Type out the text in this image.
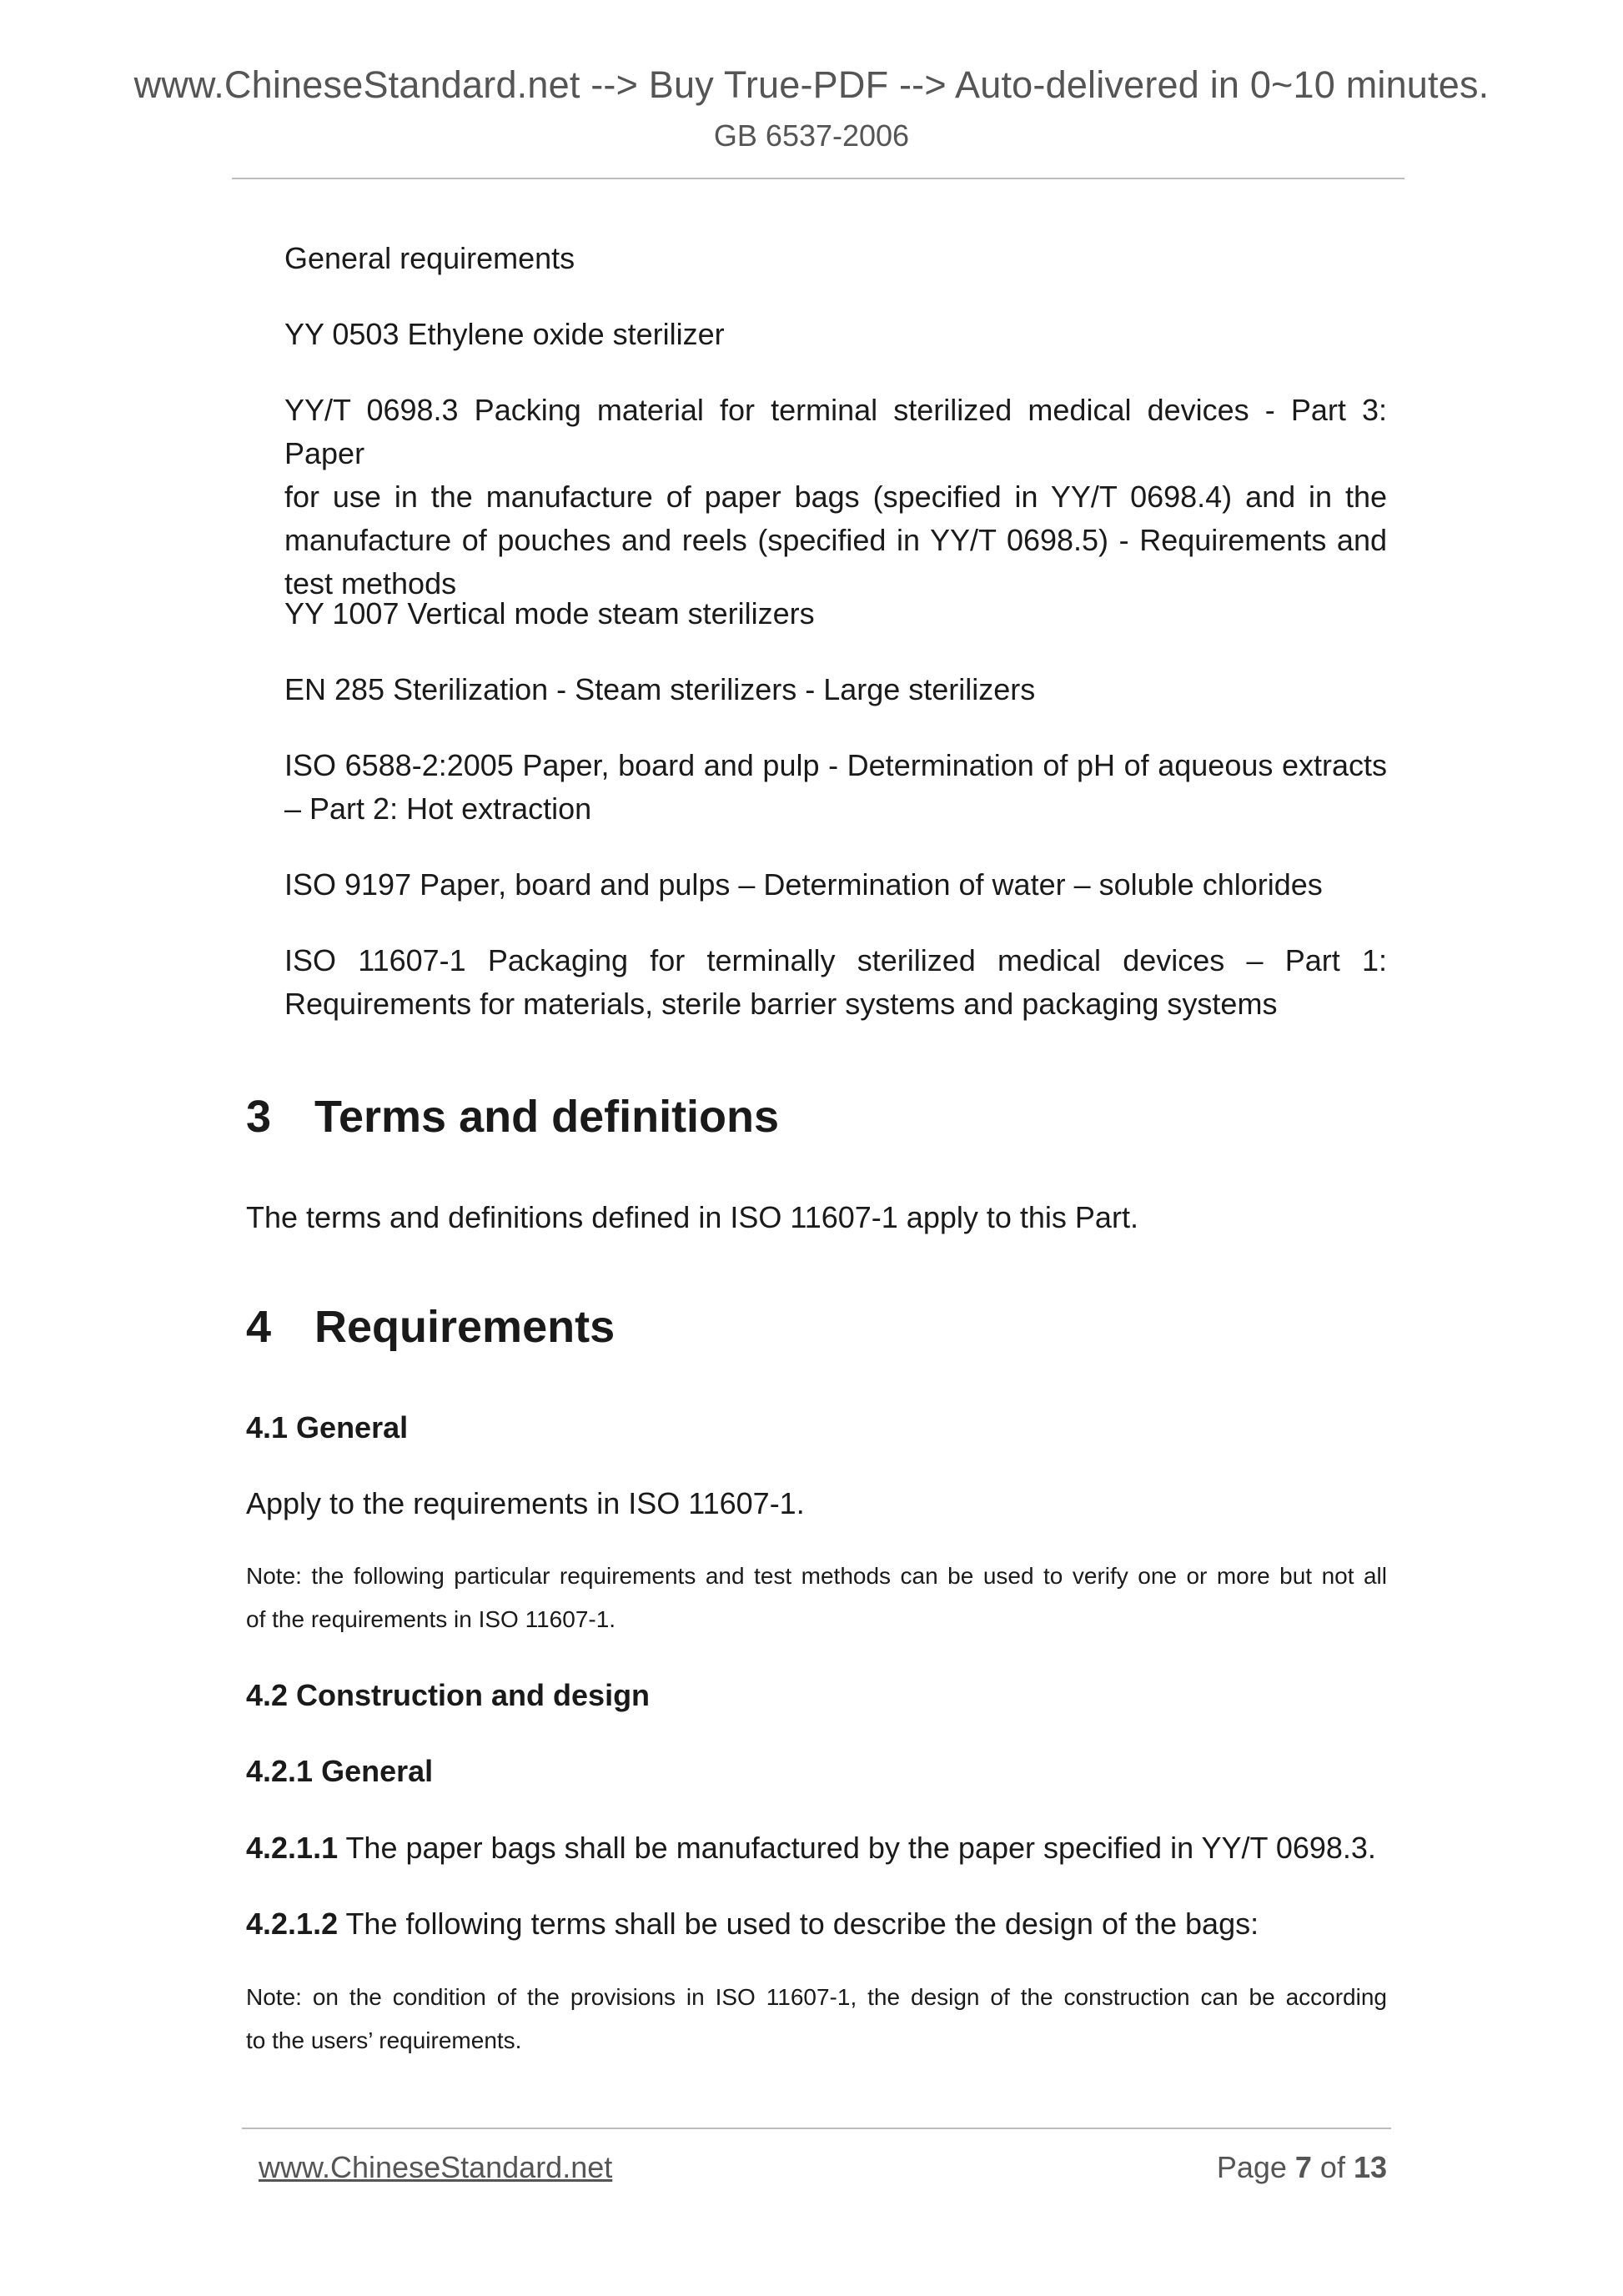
www.ChineseStandard.net --> Buy True-PDF --> Auto-delivered in 0~10 minutes.
GB 6537-2006
General requirements
YY 0503 Ethylene oxide sterilizer
YY/T 0698.3 Packing material for terminal sterilized medical devices - Part 3: Paper
for use in the manufacture of paper bags (specified in YY/T 0698.4) and in the
manufacture of pouches and reels (specified in YY/T 0698.5) - Requirements and
test methods
YY 1007 Vertical mode steam sterilizers
EN 285 Sterilization - Steam sterilizers - Large sterilizers
ISO 6588-2:2005 Paper, board and pulp - Determination of pH of aqueous extracts
– Part 2: Hot extraction
ISO 9197 Paper, board and pulps – Determination of water – soluble chlorides
ISO 11607-1 Packaging for terminally sterilized medical devices – Part 1:
Requirements for materials, sterile barrier systems and packaging systems
3 Terms and definitions
The terms and definitions defined in ISO 11607-1 apply to this Part.
4 Requirements
4.1 General
Apply to the requirements in ISO 11607-1.
Note: the following particular requirements and test methods can be used to verify one or more but not all
of the requirements in ISO 11607-1.
4.2 Construction and design
4.2.1 General
4.2.1.1 The paper bags shall be manufactured by the paper specified in YY/T 0698.3.
4.2.1.2 The following terms shall be used to describe the design of the bags:
Note: on the condition of the provisions in ISO 11607-1, the design of the construction can be according
to the users’ requirements.
www.ChineseStandard.net	Page 7 of 13
